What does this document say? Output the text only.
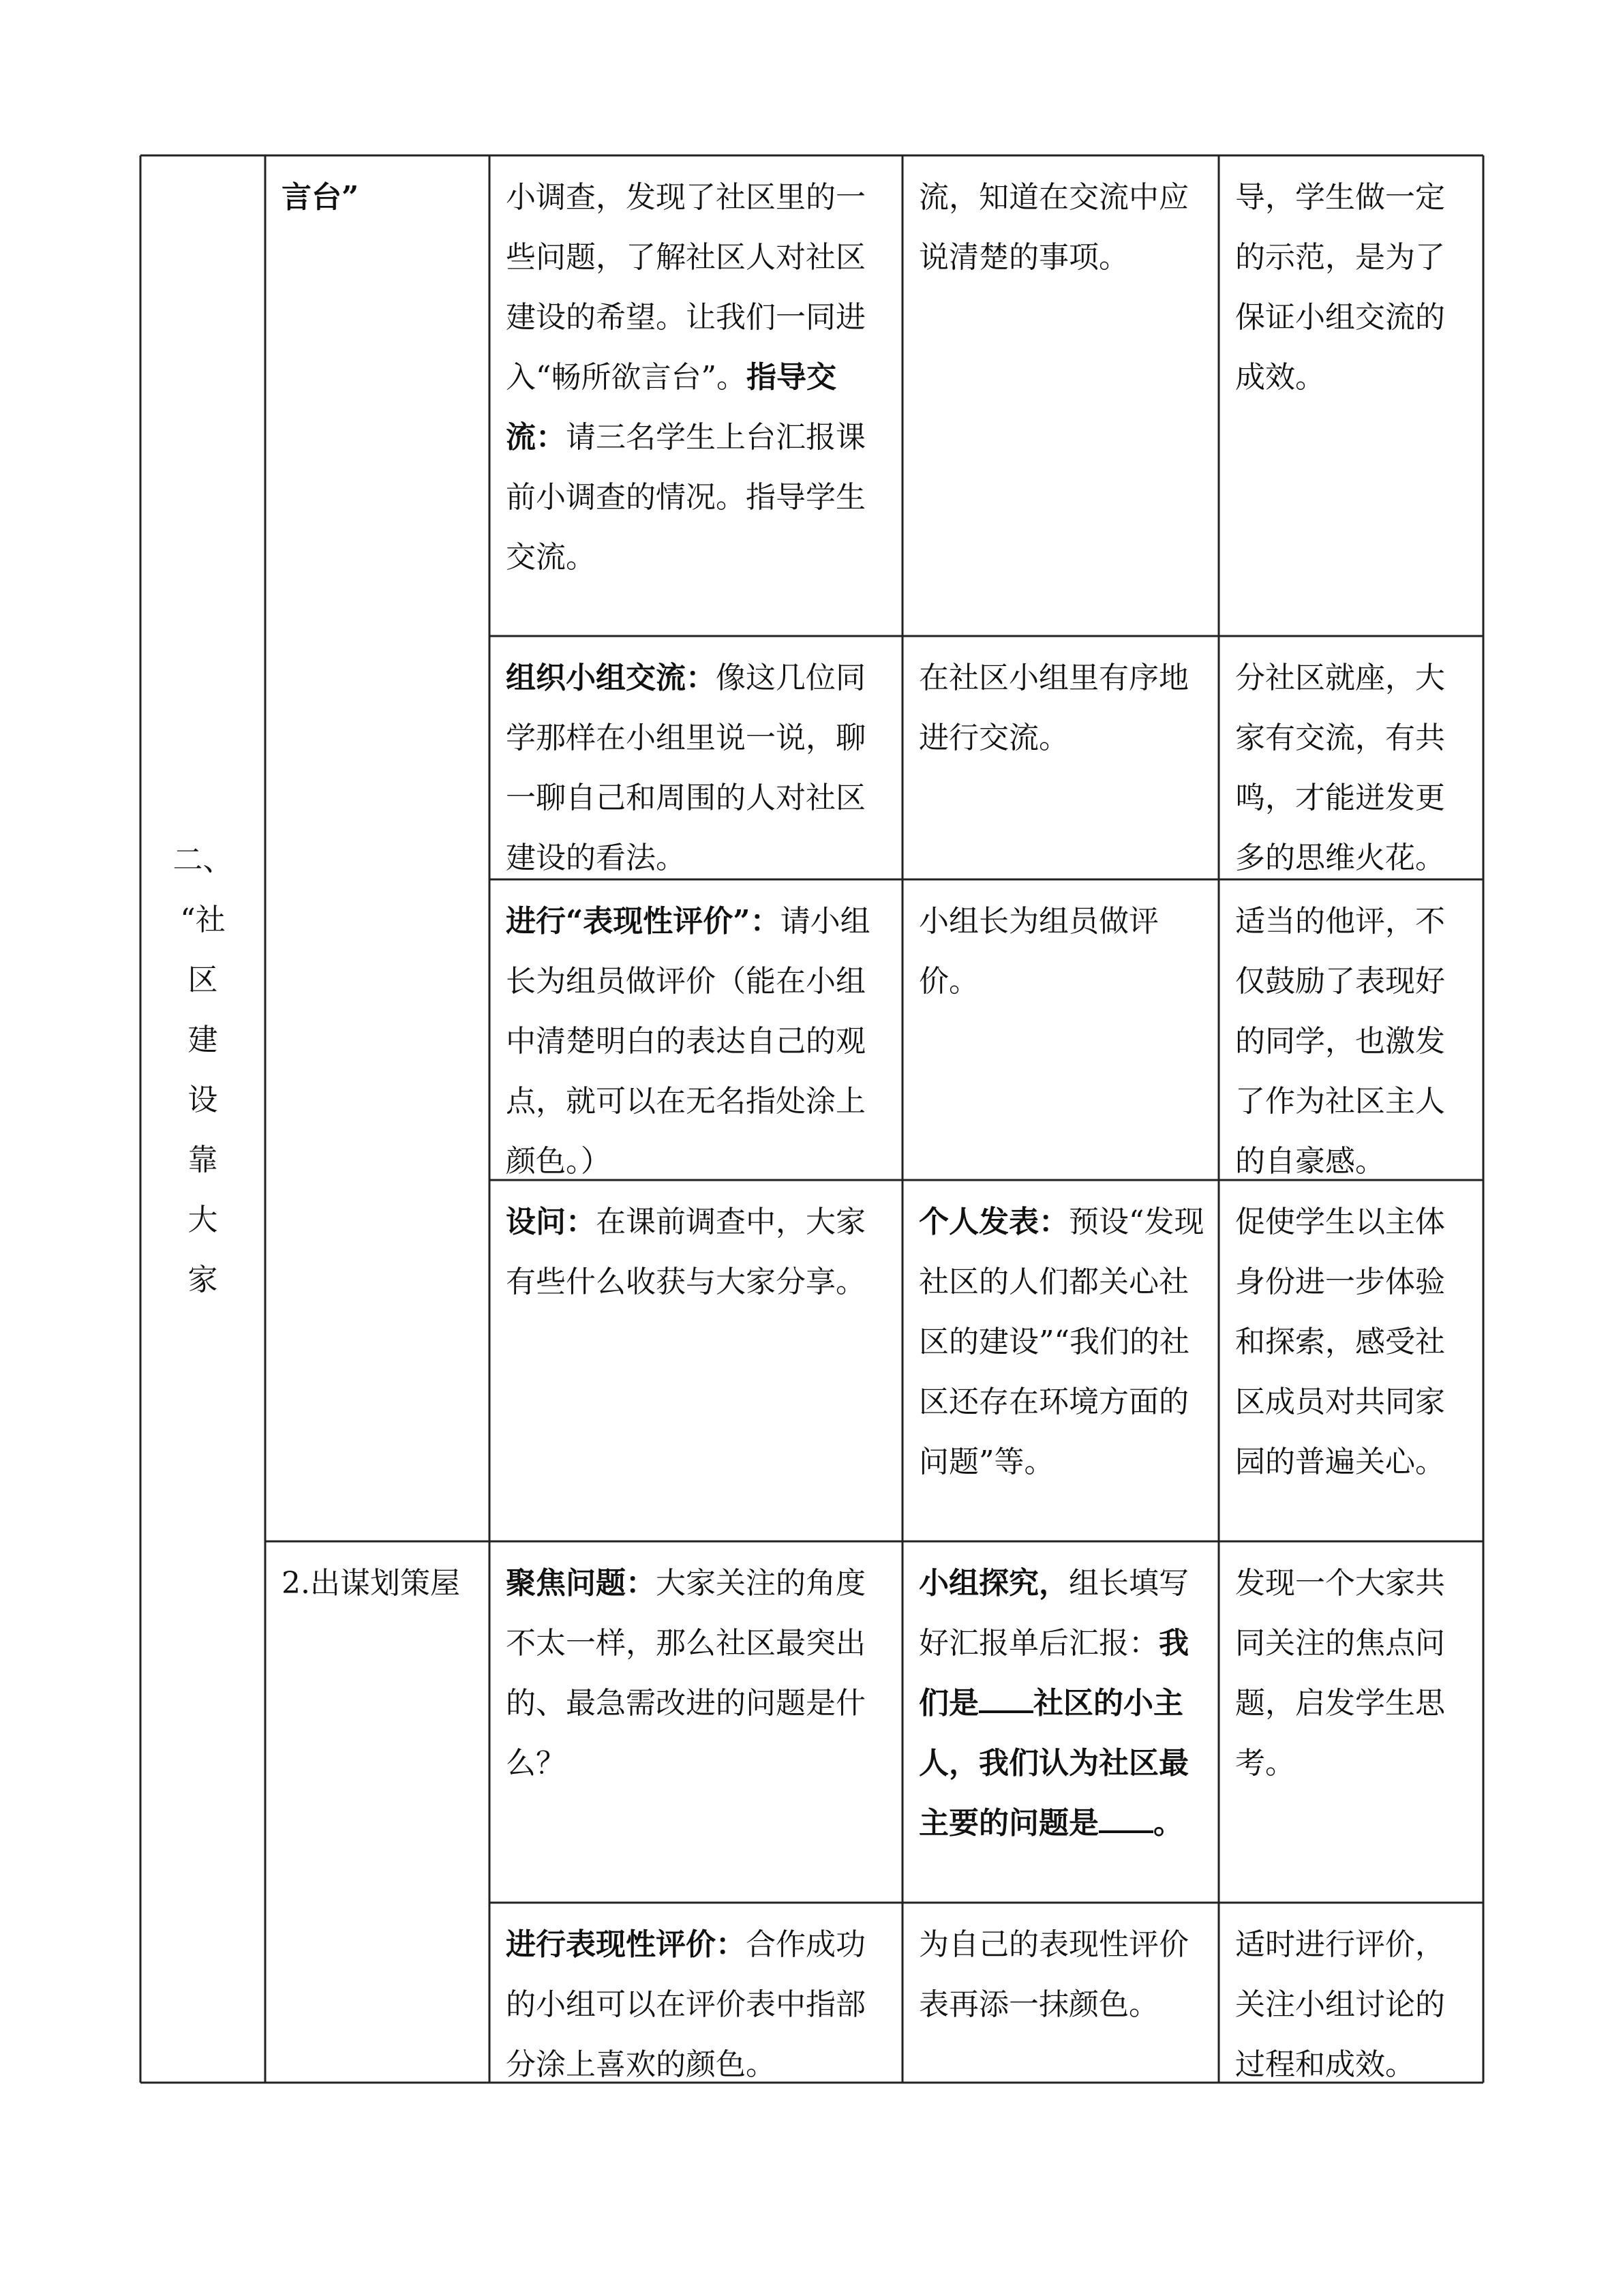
二、
“社
区
建
设
靠
大
家
言台”	小调查，发现了社区里的一些问题，了解社区人对社区建设的希望。让我们一同进入“畅所欲言台”。指导交流：请三名学生上台汇报课前小调查的情况。指导学生交流。
流，知道在交流中应说清楚的事项。
导，学生做一定的示范，是为了保证小组交流的成效。
组织小组交流：像这几位同学那样在小组里说一说，聊一聊自己和周围的人对社区建设的看法。
在社区小组里有序地进行交流。
分社区就座，大家有交流，有共鸣，才能迸发更多的思维火花。
进行“表现性评价”：请小组长为组员做评价（能在小组中清楚明白的表达自己的观点，就可以在无名指处涂上颜色。）
小组长为组员做评价。
适当的他评，不仅鼓励了表现好的同学，也激发了作为社区主人的自豪感。
设问：在课前调查中，大家有些什么收获与大家分享。
个人发表：预设“发现社区的人们都关心社区的建设”“我们的社区还存在环境方面的问题”等。
促使学生以主体身份进一步体验和探索，感受社区成员对共同家园的普遍关心。
2.出谋划策屋	聚焦问题：大家关注的角度不太一样，那么社区最突出的、最急需改进的问题是什么？
小组探究，组长填写好汇报单后汇报：我们是 社区的小主人，我们认为社区最主要的问题是 。
发现一个大家共同关注的焦点问题，启发学生思考。
进行表现性评价：合作成功的小组可以在评价表中指部分涂上喜欢的颜色。
为自己的表现性评价表再添一抹颜色。
适时进行评价，关注小组讨论的过程和成效。
